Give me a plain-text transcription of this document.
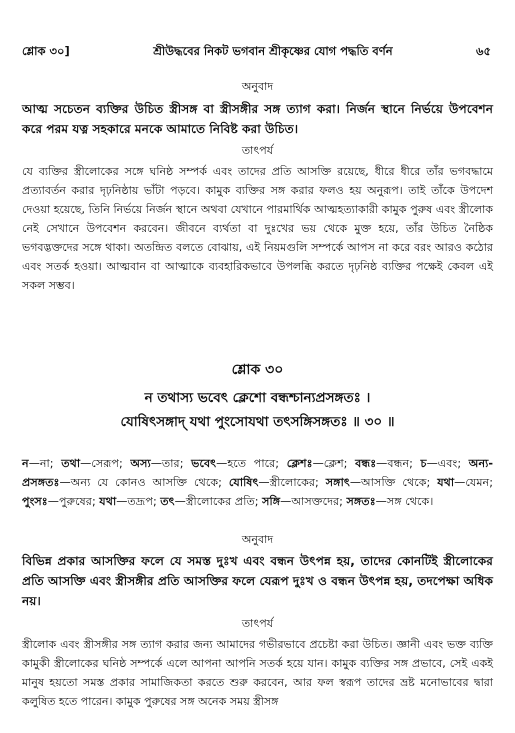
শ্লোক ৩০]	শ্রীউদ্ধবের নিকট ভগবান শ্রীকৃষ্ণের যোগ পদ্ধতি বর্ণন	৬৫
অনুবাদ
আত্ম সচেতন ব্যক্তির উচিত স্ত্রীসঙ্গ বা স্ত্রীসঙ্গীর সঙ্গ ত্যাগ করা। নির্জন স্থানে নির্ভয়ে উপবেশন করে পরম যত্ন সহকারে মনকে আমাতে নিবিষ্ট করা উচিত।
তাৎপর্য
যে ব্যক্তির স্ত্রীলোকের সঙ্গে ঘনিষ্ঠ সম্পর্ক এবং তাদের প্রতি আসক্তি রয়েছে, ধীরে ধীরে তাঁর ভগবদ্ধামে প্রত্যাবর্তন করার দৃঢ়নিষ্ঠায় ভাঁটা পড়বে। কামুক ব্যক্তির সঙ্গ করার ফলও হয় অনুরূপ। তাই তাঁকে উপদেশ দেওয়া হয়েছে, তিনি নির্ভয়ে নির্জন স্থানে অথবা যেখানে পারমার্থিক আত্মহত্যাকারী কামুক পুরুষ এবং স্ত্রীলোক নেই সেখানে উপবেশন করবেন। জীবনে ব্যর্থতা বা দুঃখের ভয় থেকে মুক্ত হয়ে, তাঁর উচিত নৈষ্ঠিক ভগবদ্ভক্তদের সঙ্গে থাকা। অতন্দ্রিত বলতে বোঝায়, এই নিয়মগুলি সম্পর্কে আপস না করে বরং আরও কঠোর এবং সতর্ক হওয়া। আত্মবান বা আত্মাকে ব্যবহারিকভাবে উপলব্ধি করতে দৃঢ়নিষ্ঠ ব্যক্তির পক্ষেই কেবল এই সকল সম্ভব।
শ্লোক ৩০
ন তথাস্য ভবেৎ ক্লেশো বন্ধশ্চান্যপ্রসঙ্গতঃ ।
যোষিৎসঙ্গাদ্ যথা পুংসোযথা তৎসঙ্গিসঙ্গতঃ ॥ ৩০ ॥
ন—না; তথা—সেরূপ; অস্য—তার; ভবেৎ—হতে পারে; ক্লেশঃ—ক্লেশ; বন্ধঃ—বন্ধন; চ—এবং; অন্য-প্রসঙ্গতঃ—অন্য যে কোনও আসক্তি থেকে; যোষিৎ—স্ত্রীলোকের; সঙ্গাৎ—আসক্তি থেকে; যথা—যেমন; পুংসঃ—পুরুষের; যথা—তদ্রূপ; তৎ—স্ত্রীলোকের প্রতি; সঙ্গি—আসক্তদের; সঙ্গতঃ—সঙ্গ থেকে।
অনুবাদ
বিভিন্ন প্রকার আসক্তির ফলে যে সমস্ত দুঃখ এবং বন্ধন উৎপন্ন হয়, তাদের কোনটিই স্ত্রীলোকের প্রতি আসক্তি এবং স্ত্রীসঙ্গীর প্রতি আসক্তির ফলে যেরূপ দুঃখ ও বন্ধন উৎপন্ন হয়, তদপেক্ষা অধিক নয়।
তাৎপর্য
স্ত্রীলোক এবং স্ত্রীসঙ্গীর সঙ্গ ত্যাগ করার জন্য আমাদের গভীরভাবে প্রচেষ্টা করা উচিত। জ্ঞানী এবং ভক্ত ব্যক্তি কামুকী স্ত্রীলোকের ঘনিষ্ঠ সম্পর্কে এলে আপনা আপনি সতর্ক হয়ে যান। কামুক ব্যক্তির সঙ্গ প্রভাবে, সেই একই মানুষ হয়তো সমস্ত প্রকার সামাজিকতা করতে শুরু করবেন, আর ফল স্বরূপ তাদের ভ্রষ্ট মনোভাবের দ্বারা কলুষিত হতে পারেন। কামুক পুরুষের সঙ্গ অনেক সময় স্ত্রীসঙ্গ
